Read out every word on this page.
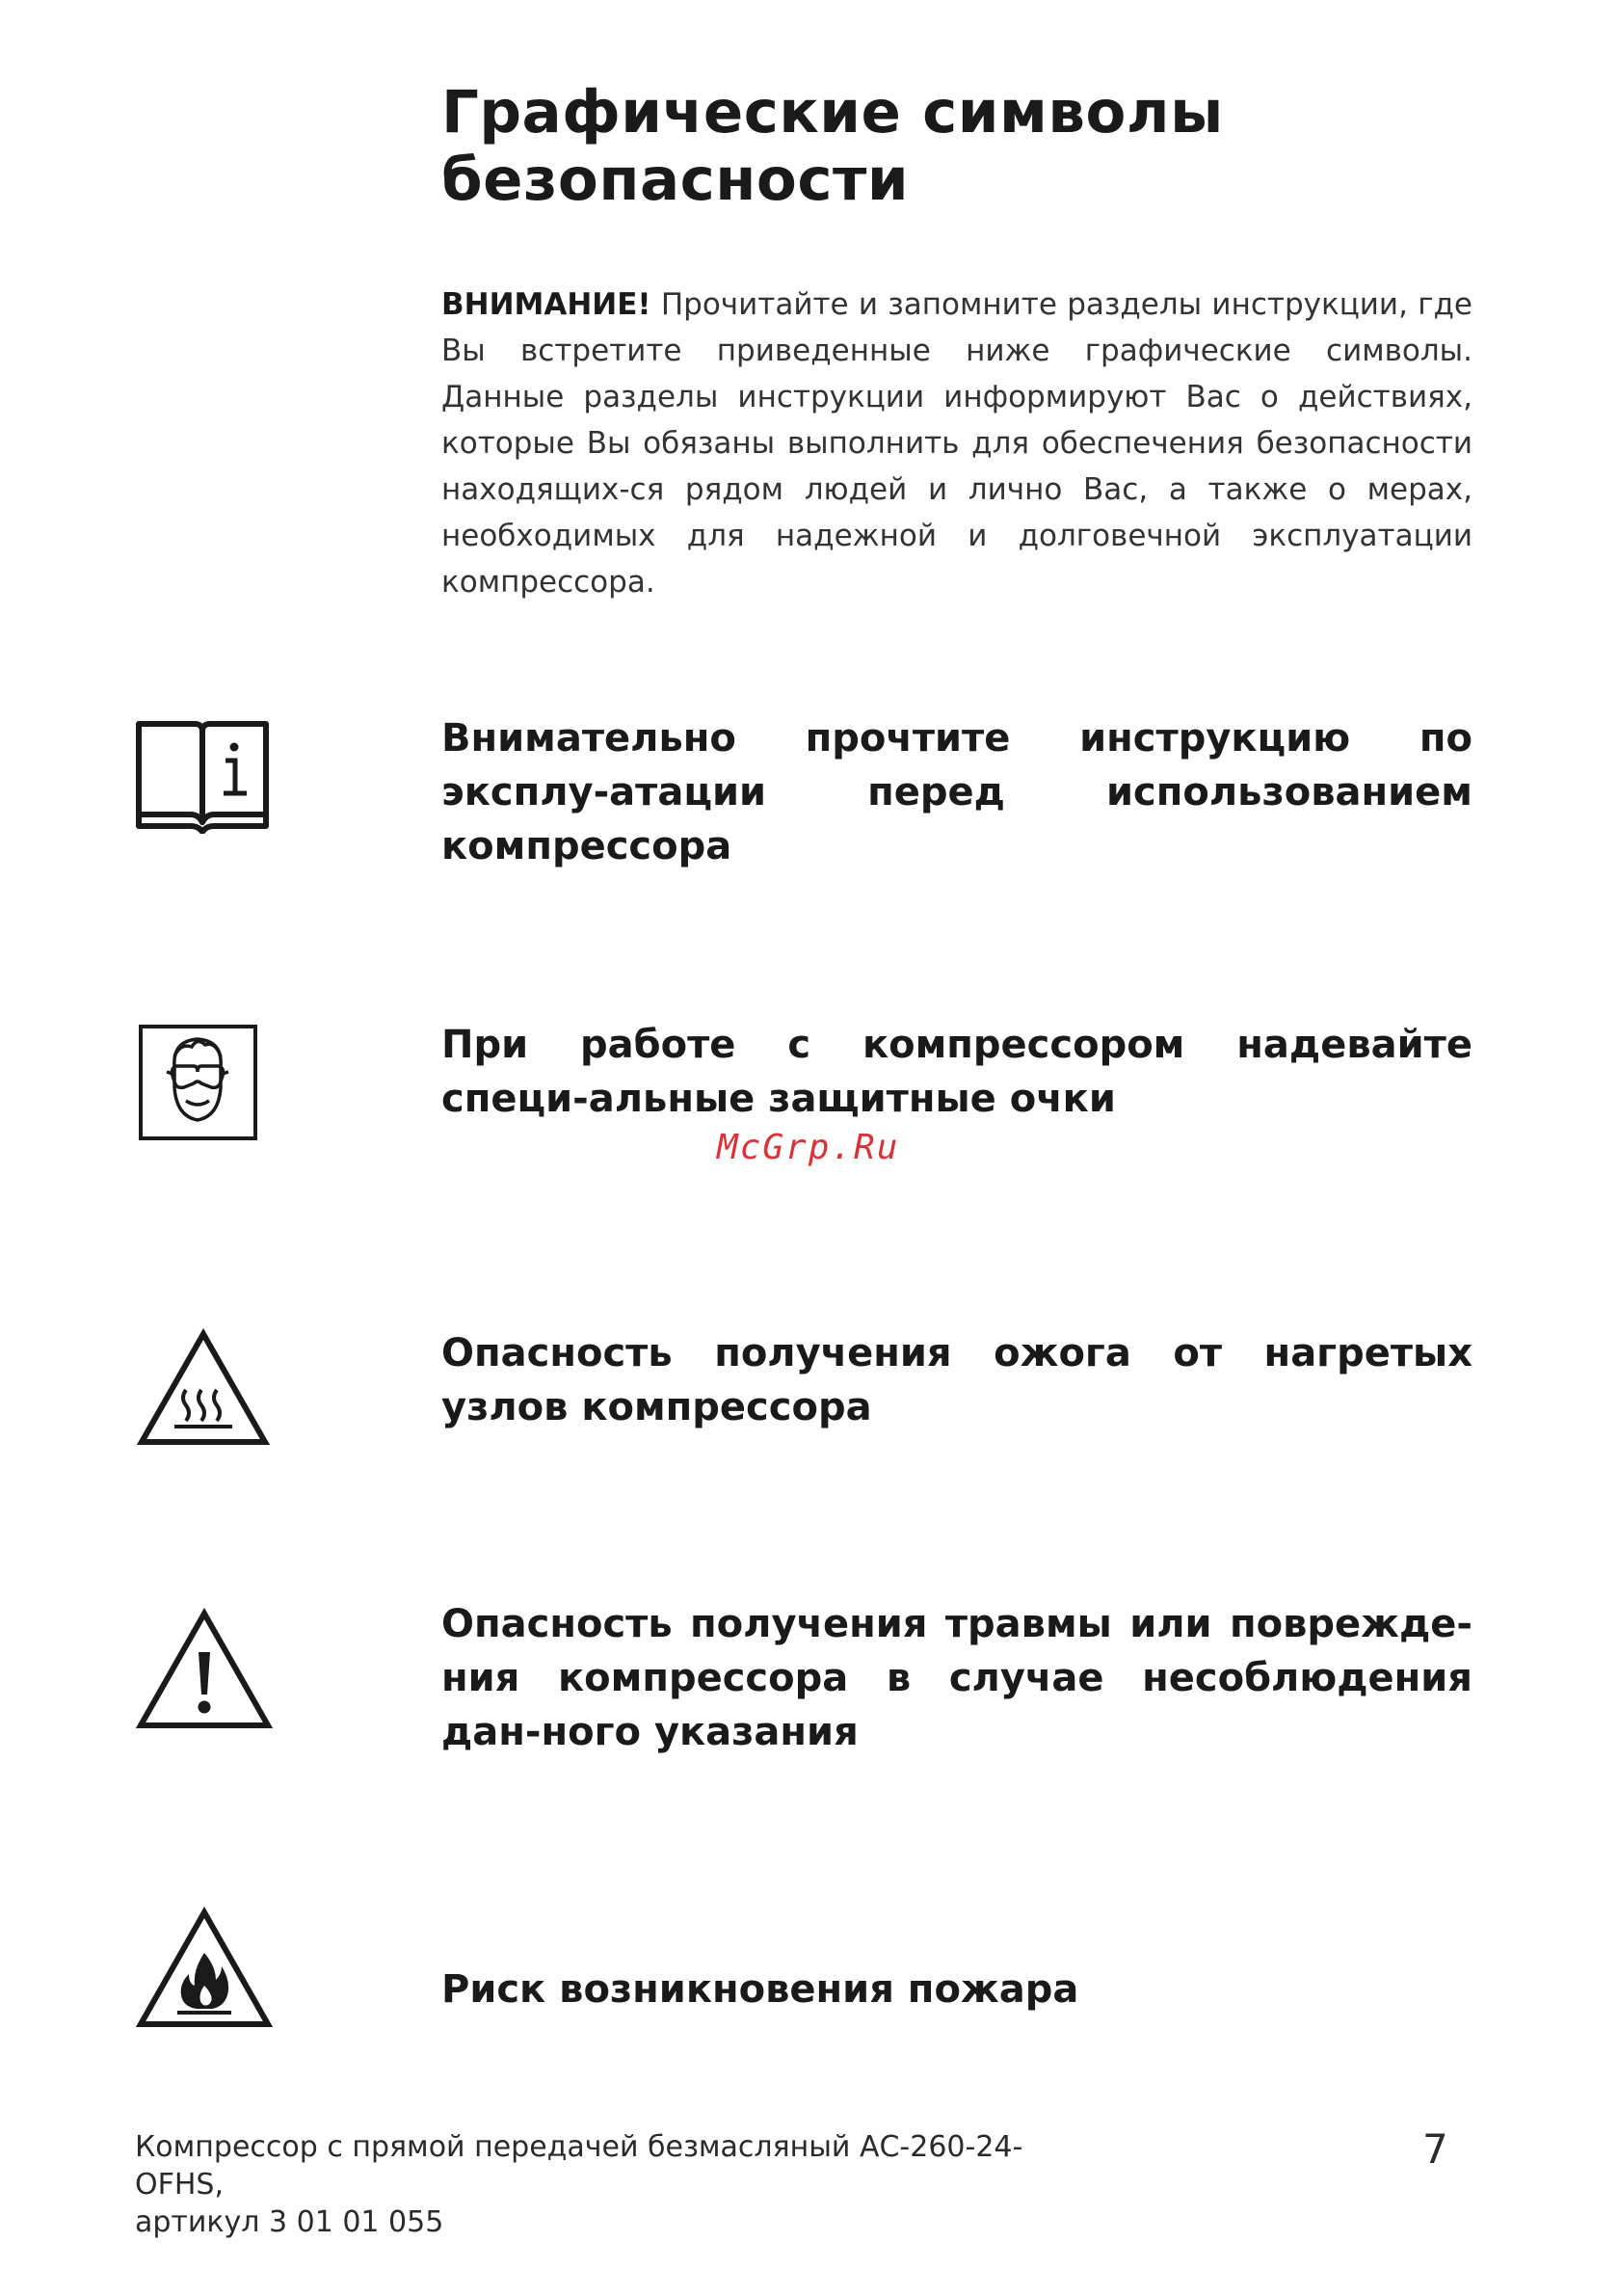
Графические символы
безопасности

ВНИМАНИЕ! Прочитайте и запомните разделы инструкции, где Вы встретите приведенные ниже графические символы. Данные разделы инструкции информируют Вас о действиях, которые Вы обязаны выполнить для обеспечения безопасности находящих-ся рядом людей и лично Вас, а также о мерах, необходимых для надежной и долговечной эксплуатации компрессора.

Внимательно прочтите инструкцию по эксплу-атации перед использованием компрессора

При работе с компрессором надевайте специ-альные защитные очки

McGrp.Ru

Опасность получения ожога от нагретых узлов компрессора

Опасность получения травмы или поврежде-ния компрессора в случае несоблюдения дан-ного указания

Риск возникновения пожара

Компрессор с прямой передачей безмасляный АС-260-24-OFHS,
артикул 3 01 01 055

7
